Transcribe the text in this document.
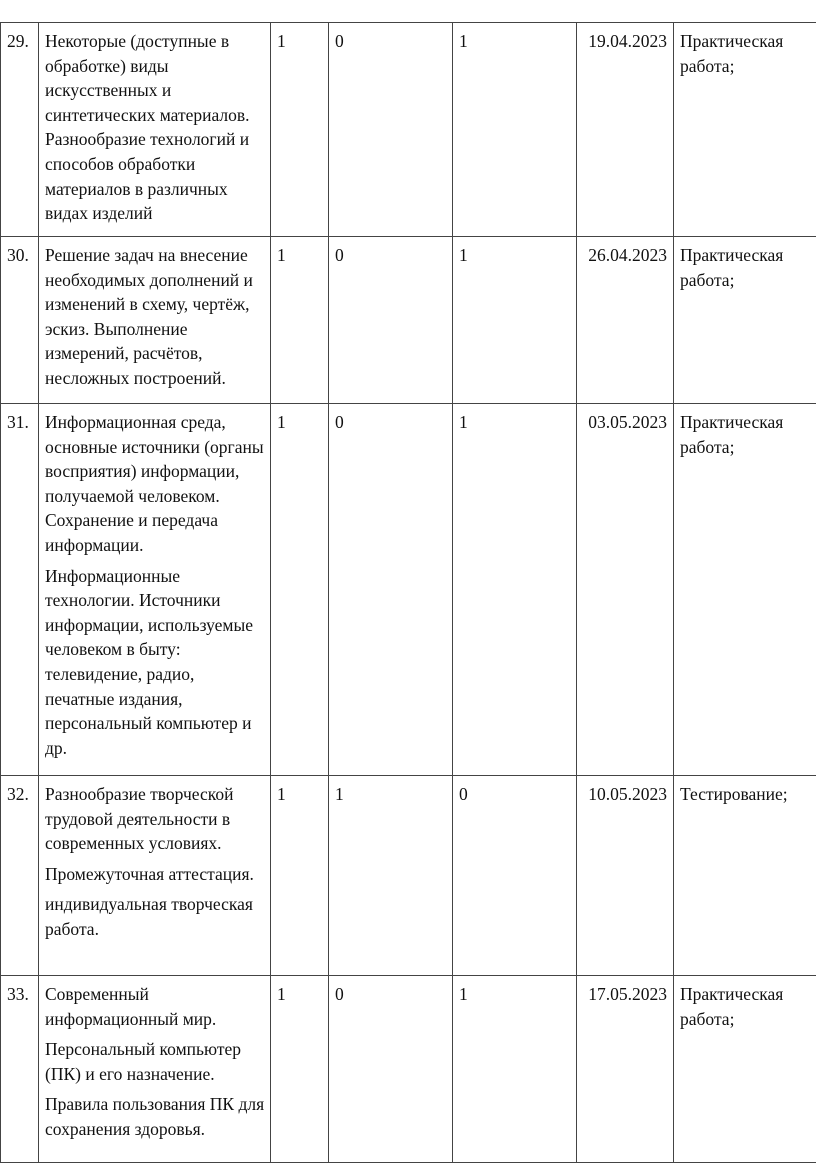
29.	Некоторые (доступные в обработке) виды искусственных и синтетических материалов. Разнообразие технологий и способов обработки материалов в различных видах изделий	1	0	1	19.04.2023	Практическая работа;
30.	Решение задач на внесение необходимых дополнений и изменений в схему, чертёж, эскиз. Выполнение измерений, расчётов, несложных построений.	1	0	1	26.04.2023	Практическая работа;
31.	Информационная среда, основные источники (органы восприятия) информации, получаемой человеком. Сохранение и передача информации.

Информационные технологии. Источники информации, используемые человеком в быту: телевидение, радио, печатные издания, персональный компьютер и др.	1	0	1	03.05.2023	Практическая работа;
32.	Разнообразие творческой трудовой деятельности в современных условиях.

Промежуточная аттестация.

индивидуальная творческая работа.	1	1	0	10.05.2023	Тестирование;
33.	Современный информационный мир.

Персональный компьютер (ПК) и его назначение.

Правила пользования ПК для сохранения здоровья.	1	0	1	17.05.2023	Практическая работа;
